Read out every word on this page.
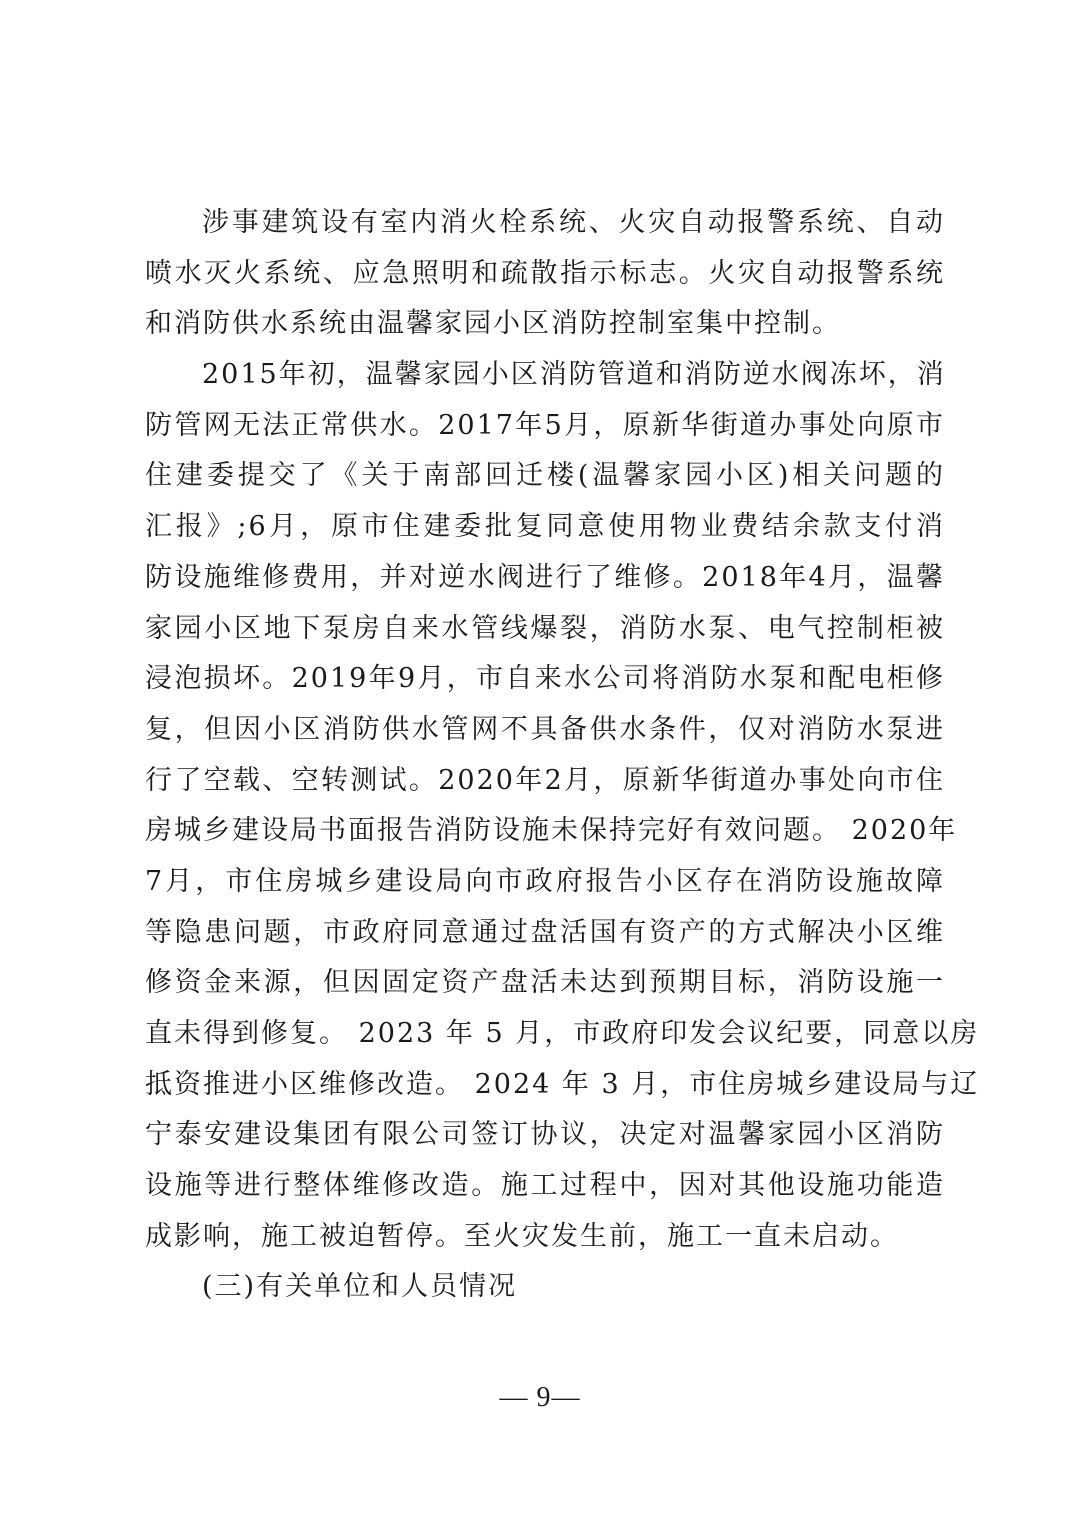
涉事建筑设有室内消火栓系统、火灾自动报警系统、自动
喷水灭火系统、应急照明和疏散指示标志。火灾自动报警系统
和消防供水系统由温馨家园小区消防控制室集中控制。
2015年初，温馨家园小区消防管道和消防逆水阀冻坏，消
防管网无法正常供水。2017年5月，原新华街道办事处向原市
住建委提交了《关于南部回迁楼(温馨家园小区)相关问题的
汇报》;6月，原市住建委批复同意使用物业费结余款支付消
防设施维修费用，并对逆水阀进行了维修。2018年4月，温馨
家园小区地下泵房自来水管线爆裂，消防水泵、电气控制柜被
浸泡损坏。2019年9月，市自来水公司将消防水泵和配电柜修
复，但因小区消防供水管网不具备供水条件，仅对消防水泵进
行了空载、空转测试。2020年2月，原新华街道办事处向市住
房城乡建设局书面报告消防设施未保持完好有效问题。 2020年
7月，市住房城乡建设局向市政府报告小区存在消防设施故障
等隐患问题，市政府同意通过盘活国有资产的方式解决小区维
修资金来源，但因固定资产盘活未达到预期目标，消防设施一
直未得到修复。 2023 年 5 月，市政府印发会议纪要，同意以房
抵资推进小区维修改造。 2024 年 3 月，市住房城乡建设局与辽
宁泰安建设集团有限公司签订协议，决定对温馨家园小区消防
设施等进行整体维修改造。施工过程中，因对其他设施功能造
成影响，施工被迫暂停。至火灾发生前，施工一直未启动。
(三)有关单位和人员情况
— 9—
